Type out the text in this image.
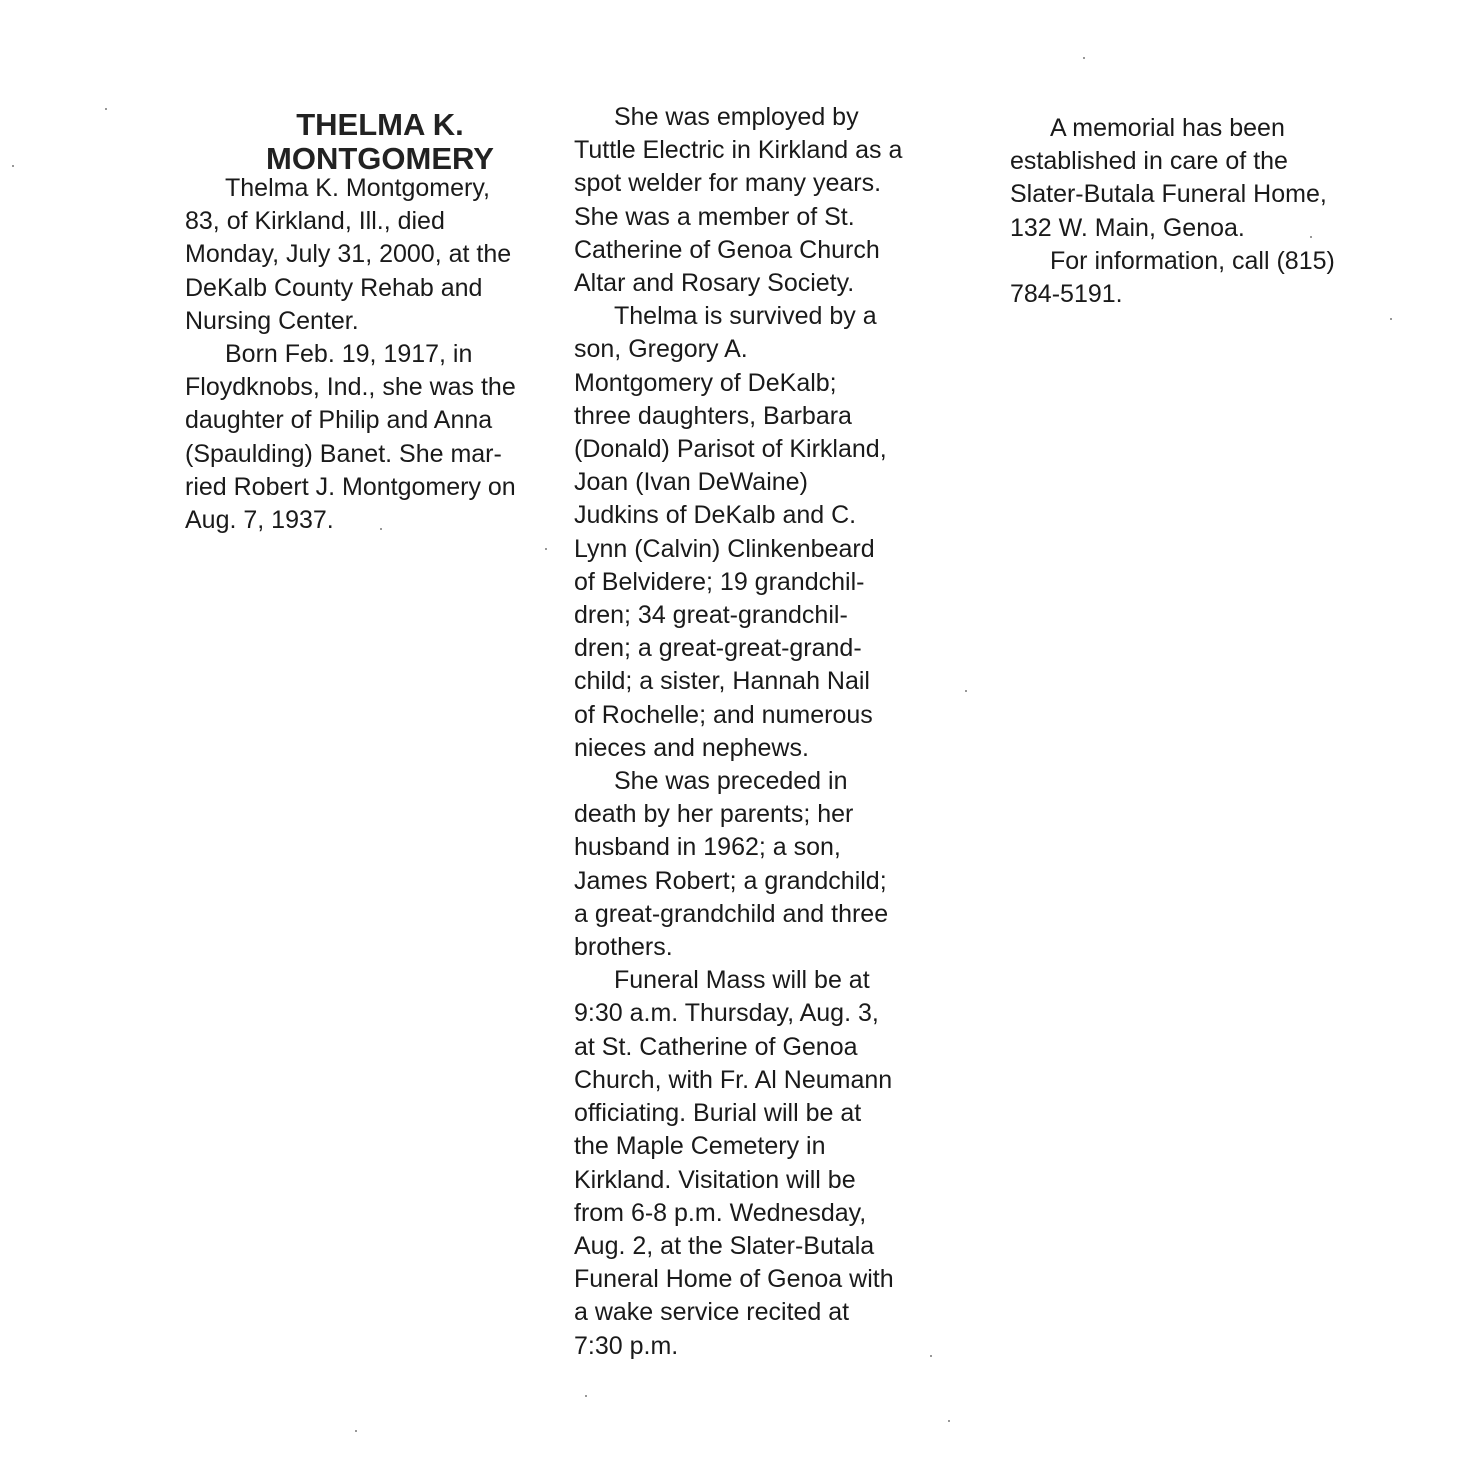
THELMA K.
MONTGOMERY
Thelma K. Montgomery,
83, of Kirkland, Ill., died
Monday, July 31, 2000, at the
DeKalb County Rehab and
Nursing Center.
Born Feb. 19, 1917, in
Floydknobs, Ind., she was the
daughter of Philip and Anna
(Spaulding) Banet. She mar-
ried Robert J. Montgomery on
Aug. 7, 1937.
She was employed by
Tuttle Electric in Kirkland as a
spot welder for many years.
She was a member of St.
Catherine of Genoa Church
Altar and Rosary Society.
Thelma is survived by a
son, Gregory A.
Montgomery of DeKalb;
three daughters, Barbara
(Donald) Parisot of Kirkland,
Joan (Ivan DeWaine)
Judkins of DeKalb and C.
Lynn (Calvin) Clinkenbeard
of Belvidere; 19 grandchil-
dren; 34 great-grandchil-
dren; a great-great-grand-
child; a sister, Hannah Nail
of Rochelle; and numerous
nieces and nephews.
She was preceded in
death by her parents; her
husband in 1962; a son,
James Robert; a grandchild;
a great-grandchild and three
brothers.
Funeral Mass will be at
9:30 a.m. Thursday, Aug. 3,
at St. Catherine of Genoa
Church, with Fr. Al Neumann
officiating. Burial will be at
the Maple Cemetery in
Kirkland. Visitation will be
from 6-8 p.m. Wednesday,
Aug. 2, at the Slater-Butala
Funeral Home of Genoa with
a wake service recited at
7:30 p.m.
A memorial has been
established in care of the
Slater-Butala Funeral Home,
132 W. Main, Genoa.
For information, call (815)
784-5191.
